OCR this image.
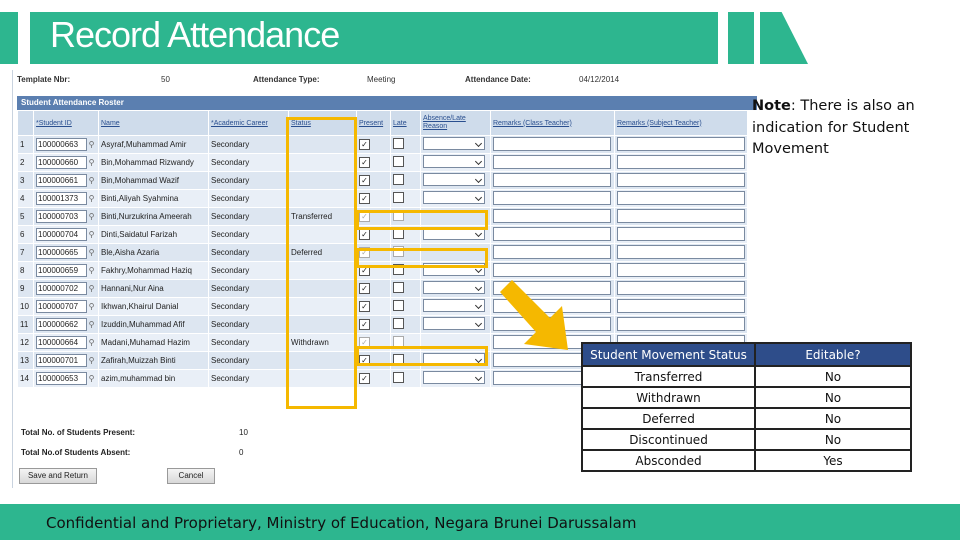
Record Attendance
Template Nbr:	50	Attendance Type:	Meeting	Attendance Date:	04/12/2014
Student Attendance Roster
	*Student ID	Name	*Academic Career	Status	Present	Late	Absence/Late Reason	Remarks (Class Teacher)	Remarks (Subject Teacher)
1	100000663 ⚲	Asyraf,Muhammad Amir	Secondary		✓				
2	100000660 ⚲	Bin,Mohammad Rizwandy	Secondary		✓				
3	100000661 ⚲	Bin,Mohammad Wazif	Secondary		✓				
4	100001373 ⚲	Binti,Aliyah Syahmina	Secondary		✓				
5	100000703 ⚲	Binti,Nurzukrina Ameerah	Secondary	Transferred	✓				
6	100000704 ⚲	Dinti,Saidatul Farizah	Secondary		✓				
7	100000665 ⚲	Ble,Aisha Azaria	Secondary	Deferred	✓				
8	100000659 ⚲	Fakhry,Mohammad Haziq	Secondary		✓				
9	100000702 ⚲	Hannani,Nur Aina	Secondary		✓				
10	100000707 ⚲	Ikhwan,Khairul Danial	Secondary		✓				
11	100000662 ⚲	Izuddin,Muhammad Afif	Secondary		✓				
12	100000664 ⚲	Madani,Muhamad Hazim	Secondary	Withdrawn	✓				
13	100000701 ⚲	Zafirah,Muizzah Binti	Secondary		✓				
14	100000653 ⚲	azim,muhammad bin	Secondary		✓				
Total No. of Students Present:	10
Total No.of Students Absent:	0
Save and Return	Cancel
Note: There is also an indication for Student Movement
Student Movement Status	Editable?
Transferred	No
Withdrawn	No
Deferred	No
Discontinued	No
Absconded	Yes
Confidential and Proprietary, Ministry of Education, Negara Brunei Darussalam
